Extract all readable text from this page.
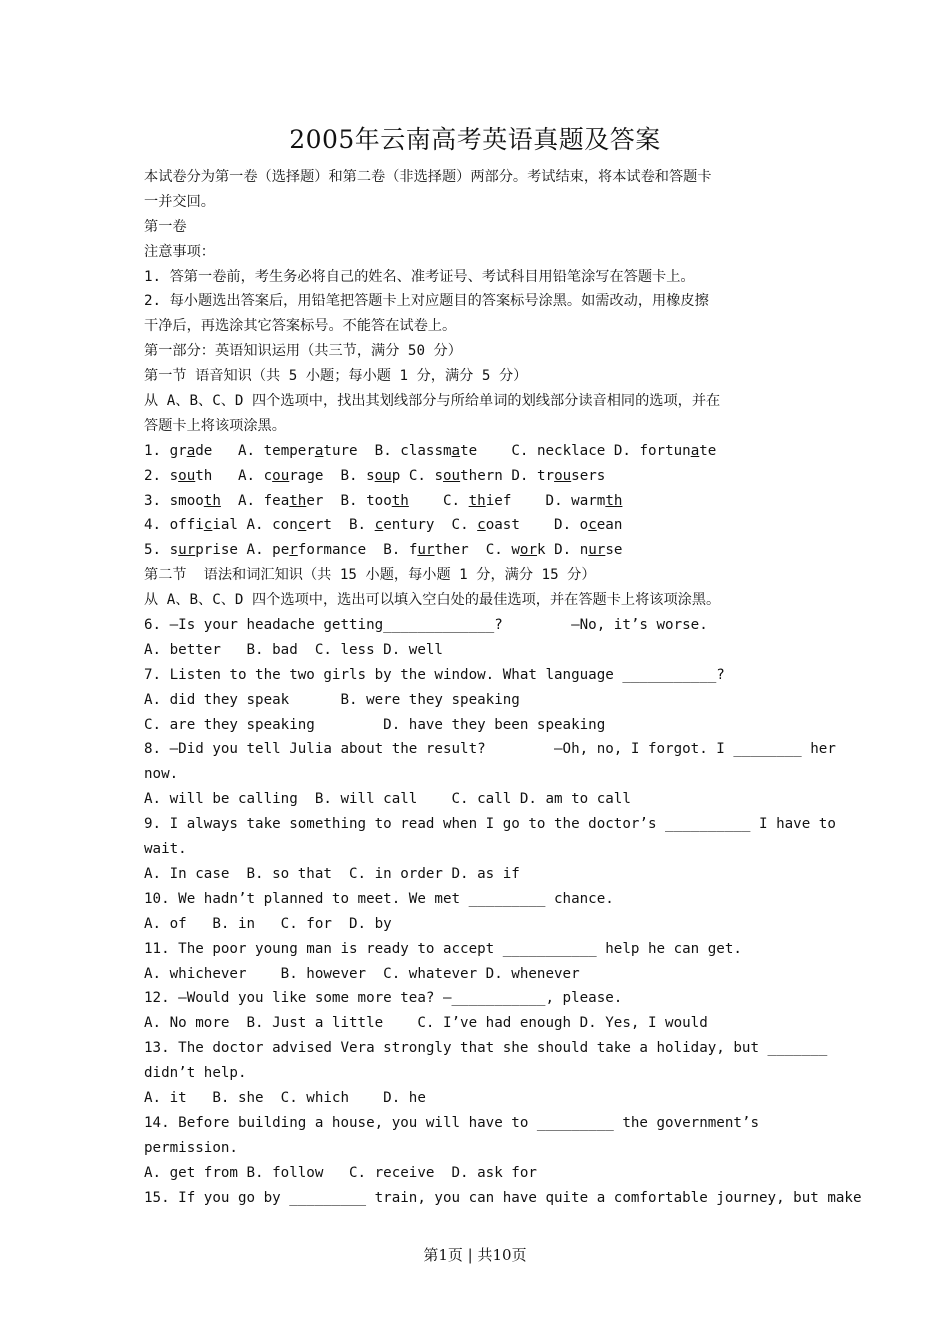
2005年云南高考英语真题及答案
本试卷分为第一卷（选择题）和第二卷（非选择题）两部分。考试结束，将本试卷和答题卡
一并交回。
第一卷
注意事项：
1. 答第一卷前，考生务必将自己的姓名、准考证号、考试科目用铅笔涂写在答题卡上。
2. 每小题选出答案后，用铅笔把答题卡上对应题目的答案标号涂黑。如需改动，用橡皮擦
干净后，再选涂其它答案标号。不能答在试卷上。
第一部分：英语知识运用（共三节，满分 50 分）
第一节 语音知识（共 5 小题；每小题 1 分，满分 5 分）
从 A、B、C、D 四个选项中，找出其划线部分与所给单词的划线部分读音相同的选项，并在
答题卡上将该项涂黑。
1. grade A. temperature  B. classmate    C. necklace D. fortunate
2. south A. courage  B. soup C. southern D. trousers
3. smooth A. feather  B. tooth    C. thief    D. warmth
4. official A. concert  B. century  C. coast    D. ocean
5. surprise A. performance  B. further  C. work D. nurse
第二节  语法和词汇知识（共 15 小题，每小题 1 分，满分 15 分）
从 A、B、C、D 四个选项中，选出可以填入空白处的最佳选项，并在答题卡上将该项涂黑。
6. —Is your headache getting_____________?        —No, it’s worse.
A. better   B. bad  C. less D. well
7. Listen to the two girls by the window. What language ___________?
A. did they speak      B. were they speaking
C. are they speaking        D. have they been speaking
8. —Did you tell Julia about the result?        —Oh, no, I forgot. I ________ her
now.
A. will be calling  B. will call    C. call D. am to call
9. I always take something to read when I go to the doctor’s __________ I have to
wait.
A. In case  B. so that  C. in order D. as if
10. We hadn’t planned to meet. We met _________ chance.
A. of   B. in   C. for  D. by
11. The poor young man is ready to accept ___________ help he can get.
A. whichever    B. however  C. whatever D. whenever
12. —Would you like some more tea? —___________, please.
A. No more  B. Just a little    C. I’ve had enough D. Yes, I would
13. The doctor advised Vera strongly that she should take a holiday, but _______
didn’t help.
A. it   B. she  C. which    D. he
14. Before building a house, you will have to _________ the government’s
permission.
A. get from B. follow   C. receive  D. ask for
15. If you go by _________ train, you can have quite a comfortable journey, but make
第1页 | 共10页
